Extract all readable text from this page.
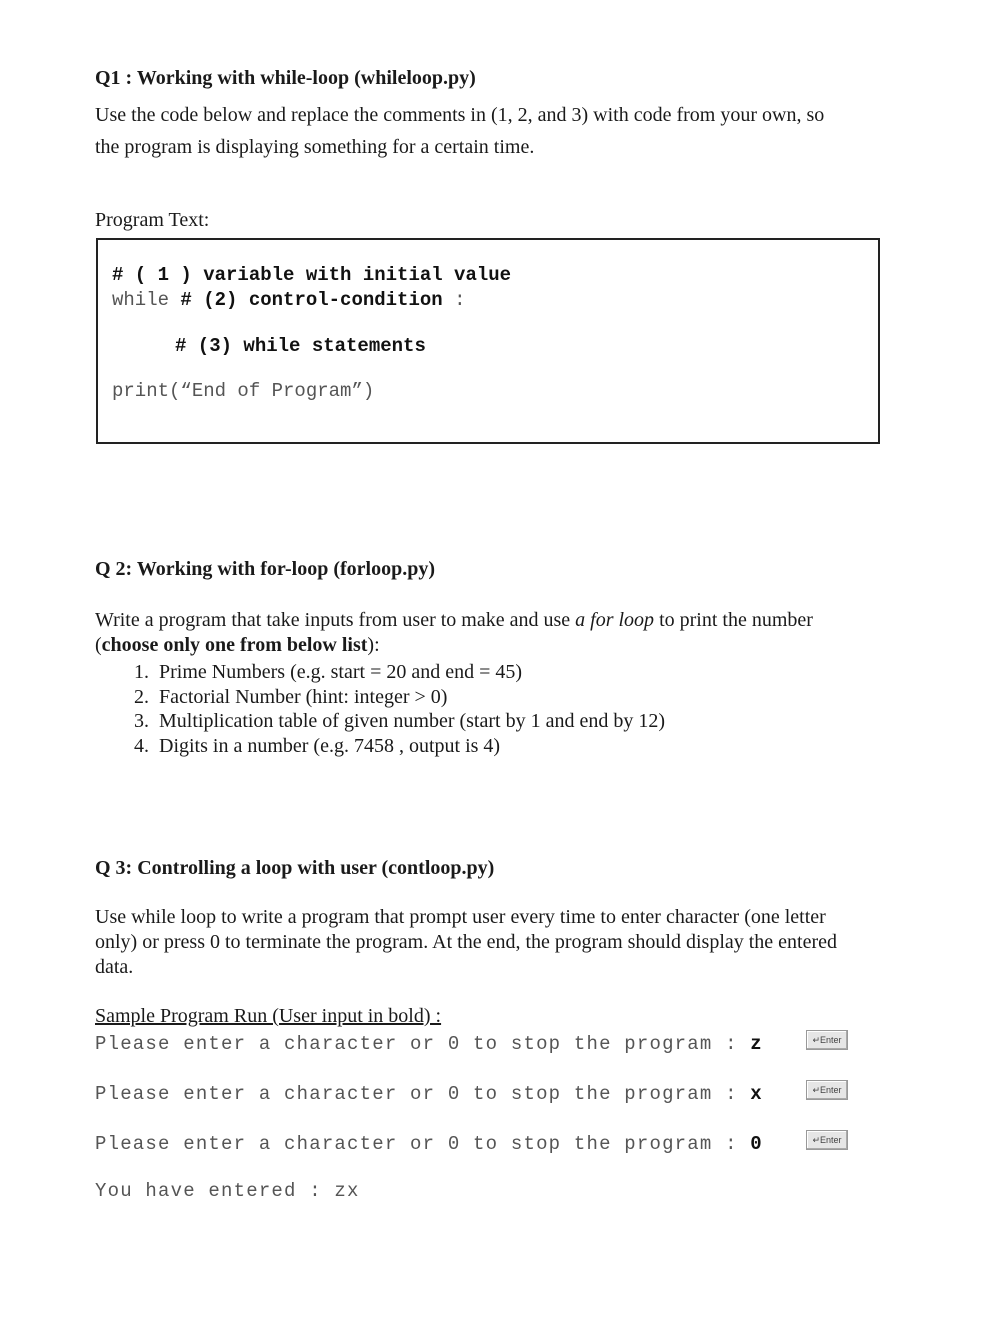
Q1 : Working with while-loop (whileloop.py)
Use the code below and replace the comments in (1, 2, and 3) with code from your own, so
the program is displaying something for a certain time.
Program Text:
# ( 1 ) variable with initial value
while # (2) control-condition :
# (3) while statements
print(“End of Program”)
Q 2: Working with for-loop (forloop.py)
Write a program that take inputs from user to make and use a for loop to print the number
(choose only one from below list):
1. Prime Numbers (e.g. start = 20 and end = 45)
2. Factorial Number (hint: integer > 0)
3. Multiplication table of given number (start by 1 and end by 12)
4. Digits in a number (e.g. 7458 , output is 4)
Q 3: Controlling a loop with user (contloop.py)
Use while loop to write a program that prompt user every time to enter character (one letter
only) or press 0 to terminate the program. At the end, the program should display the entered
data.
Sample Program Run (User input in bold) :
Please enter a character or 0 to stop the program : z	↵Enter
Please enter a character or 0 to stop the program : x	↵Enter
Please enter a character or 0 to stop the program : 0	↵Enter
You have entered : zx
